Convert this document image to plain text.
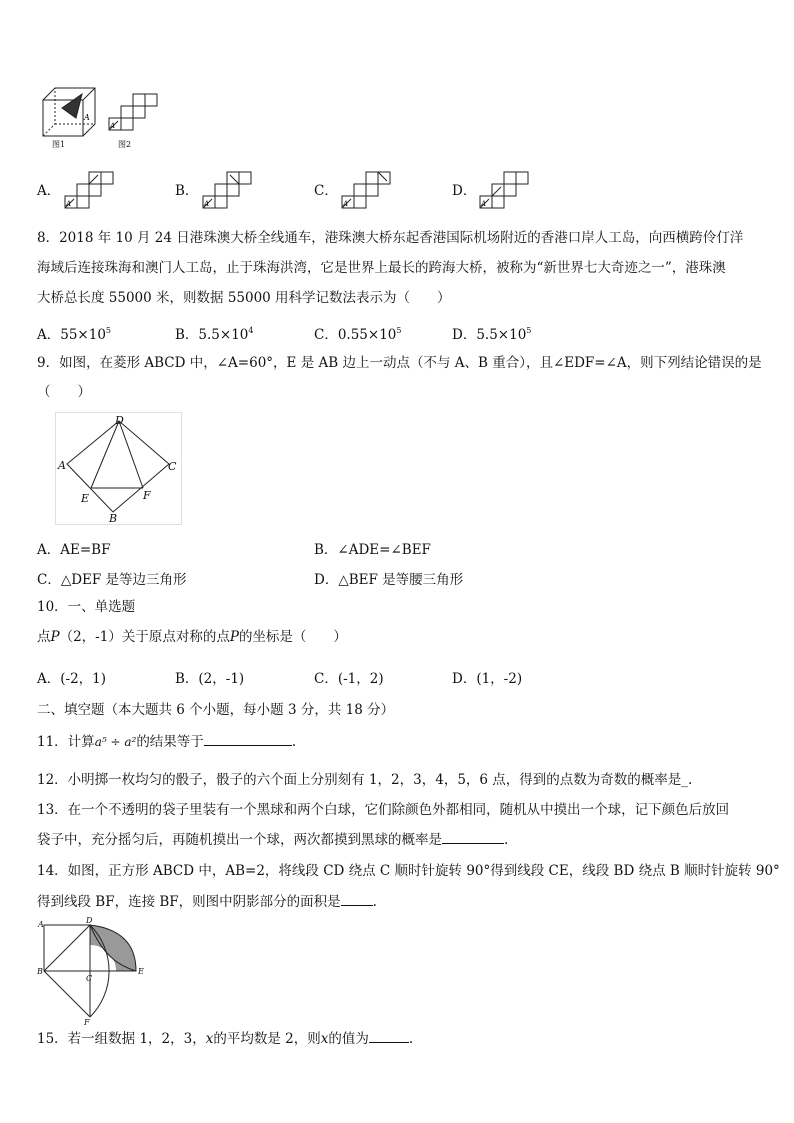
A
图1
A
图2
A．
A
B．
A
C．
A
D．
A
8．2018 年 10 月 24 日港珠澳大桥全线通车，港珠澳大桥东起香港国际机场附近的香港口岸人工岛，向西横跨伶仃洋
海域后连接珠海和澳门人工岛，止于珠海洪湾，它是世界上最长的跨海大桥，被称为“新世界七大奇迹之一”，港珠澳
大桥总长度 55000 米，则数据 55000 用科学记数法表示为（　　）
A．$55\times 10^5$	B．$5.5\times 10^4$	C．$0.55\times 10^5$	D．$5.5\times 10^5$
9．如图，在菱形 ABCD 中，∠A=60°，E 是 AB 边上一动点（不与 A、B 重合），且∠EDF=∠A，则下列结论错误的是
（　　）
A
D
C
E	F
B
A．AE=BF	B．∠ADE=∠BEF
C．△DEF 是等边三角形	D．△BEF 是等腰三角形
10．一、单选题
点P（2，-1）关于原点对称的点P的坐标是（　　）
A．(-2，1)	B．(2，-1)	C．(-1，2)	D．(1，-2)
二、填空题（本大题共 6 个小题，每小题 3 分，共 18 分）
11．计算a⁵ ÷ a²的结果等于	.
12．小明掷一枚均匀的骰子，骰子的六个面上分别刻有 1，2，3，4，5，6 点，得到的点数为奇数的概率是_.
13．在一个不透明的袋子里装有一个黑球和两个白球，它们除颜色外都相同，随机从中摸出一个球，记下颜色后放回
袋子中，充分摇匀后，再随机摸出一个球，两次都摸到黑球的概率是	.
14．如图，正方形 ABCD 中，AB=2，将线段 CD 绕点 C 顺时针旋转 90°得到线段 CE，线段 BD 绕点 B 顺时针旋转 90°
得到线段 BF，连接 BF，则图中阴影部分的面积是 .
A	D
B
C
E
F
15．若一组数据 1，2，3，x的平均数是 2，则x的值为	.
